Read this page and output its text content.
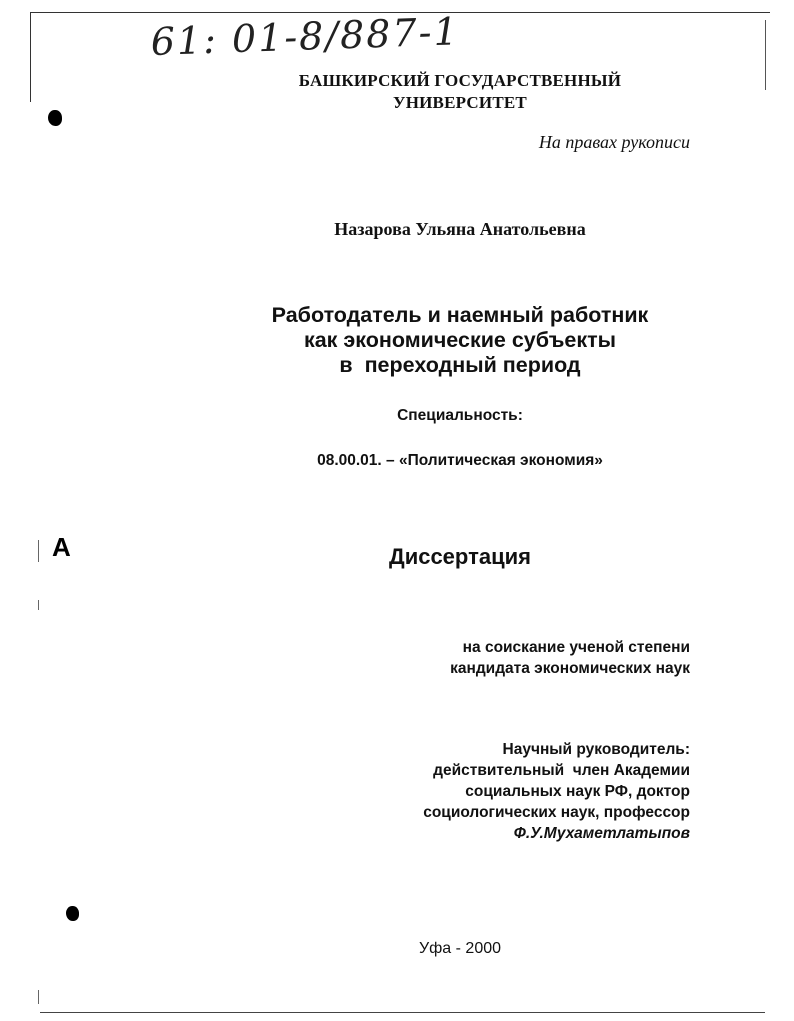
A
61: 01-8/887-1
БАШКИРСКИЙ ГОСУДАРСТВЕННЫЙ
УНИВЕРСИТЕТ
На правах рукописи
Назарова Ульяна Анатольевна
Работодатель и наемный работник
как экономические субъекты
в  переходный период
Специальность:
08.00.01. – «Политическая экономия»
Диссертация
на соискание ученой степени
кандидата экономических наук
Научный руководитель:
действительный  член Академии
социальных наук РФ, доктор
социологических наук, профессор
Ф.У.Мухаметлатыпов
Уфа - 2000
